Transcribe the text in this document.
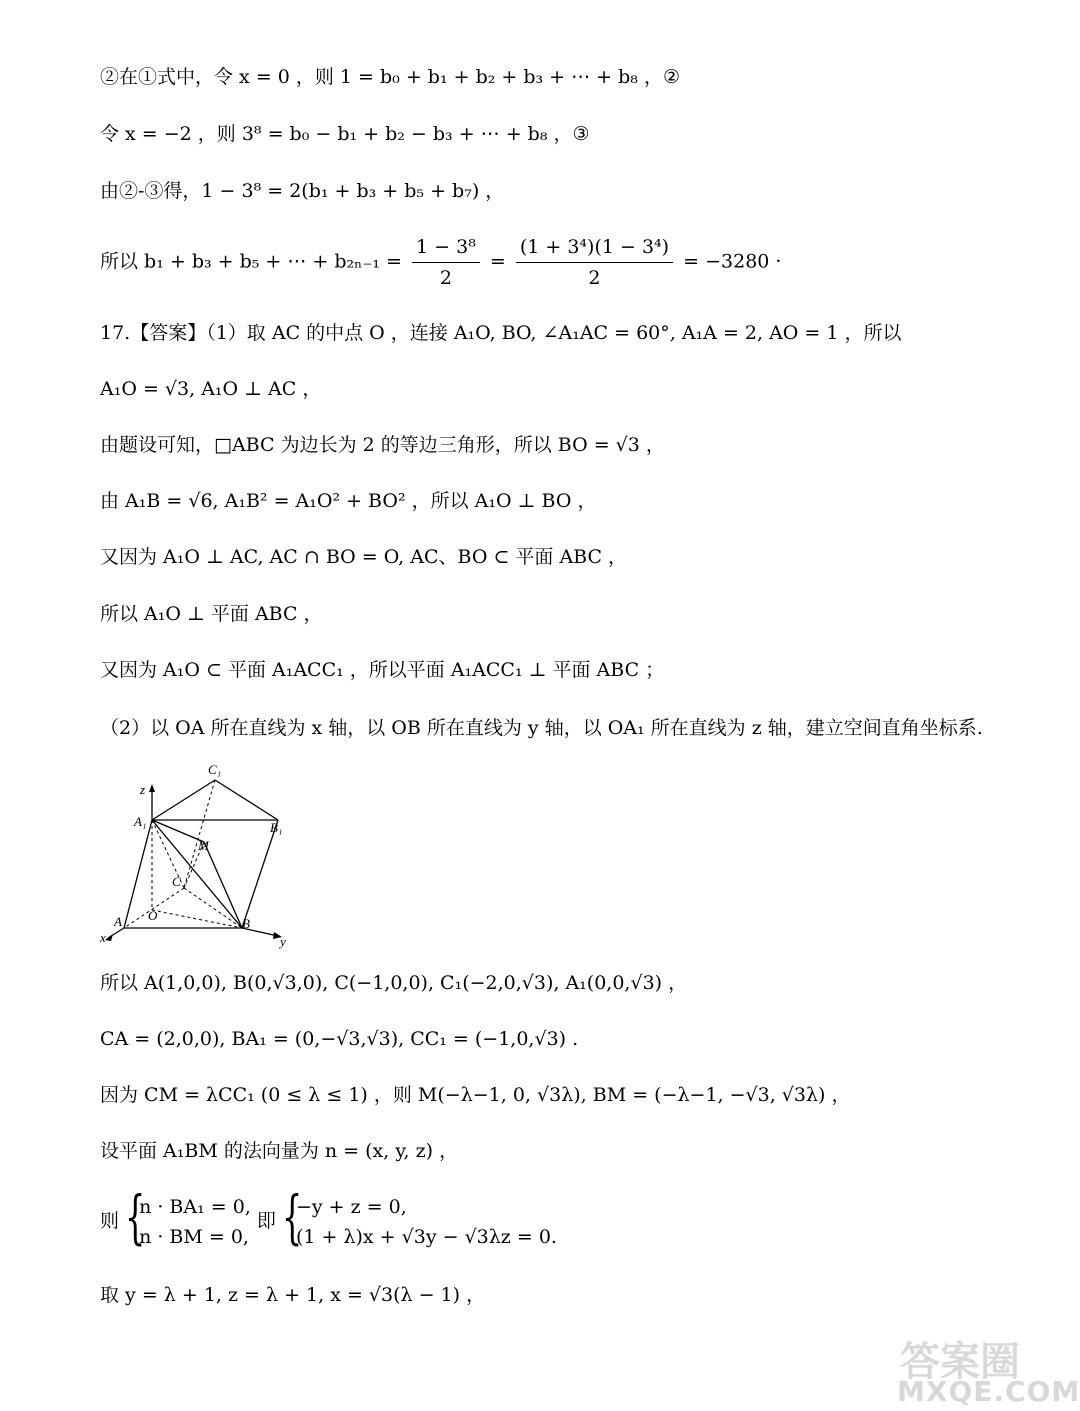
②在①式中，令 x = 0 ，则 1 = b₀ + b₁ + b₂ + b₃ + ⋯ + b₈ ，②
令 x = −2 ，则 3⁸ = b₀ − b₁ + b₂ − b₃ + ⋯ + b₈ ，③
由②-③得，1 − 3⁸ = 2(b₁ + b₃ + b₅ + b₇) ，
所以 b₁ + b₃ + b₅ + ⋯ + $b_{2n-1} = \frac{\text{1 − 3⁸}}{2} = \frac{\text{(1 + 3⁴)(1 − 3⁴)}}{2} = -3280$ ·
17.【答案】（1）取 AC 的中点 O ，连接 A₁O, BO, ∠A₁AC = 60°, A₁A = 2, AO = 1 ，所以
A₁O = √3, A₁O ⊥ AC ，
由题设可知，□ABC 为边长为 2 的等边三角形，所以 BO = √3 ，
由 A₁B = √6, A₁B² = A₁O² + BO² ，所以 A₁O ⊥ BO ，
又因为 A₁O ⊥ AC, AC ∩ BO = O, AC、BO ⊂ 平面 ABC ，
所以 A₁O ⊥ 平面 ABC ，
又因为 A₁O ⊂ 平面 A₁ACC₁ ，所以平面 A₁ACC₁ ⊥ 平面 ABC ；
（2）以 OA 所在直线为 x 轴，以 OB 所在直线为 y 轴，以 OA₁ 所在直线为 z 轴，建立空间直角坐标系.
z
C₁
A₁	B₁
M
C
O
A	B
x	y
所以 A(1,0,0), B(0,√3,0), C(−1,0,0), C₁(−2,0,√3), A₁(0,0,√3) ，
CA = (2,0,0), BA₁ = (0,−√3,√3), CC₁ = (−1,0,√3) .
因为 CM = λCC₁ (0 ≤ λ ≤ 1) ，则 M(−λ−1, 0, √3λ), BM = (−λ−1, −√3, √3λ) ，
设平面 A₁BM 的法向量为 n = (x, y, z) ，
则 {
n · BA₁ = 0,
n · BM = 0,
即 {
−y + z = 0,
(1 + λ)x + √3y − √3λz = 0.
取 y = λ + 1, z = λ + 1, x = √3(λ − 1) ，
答案圈
MXQE.COM
